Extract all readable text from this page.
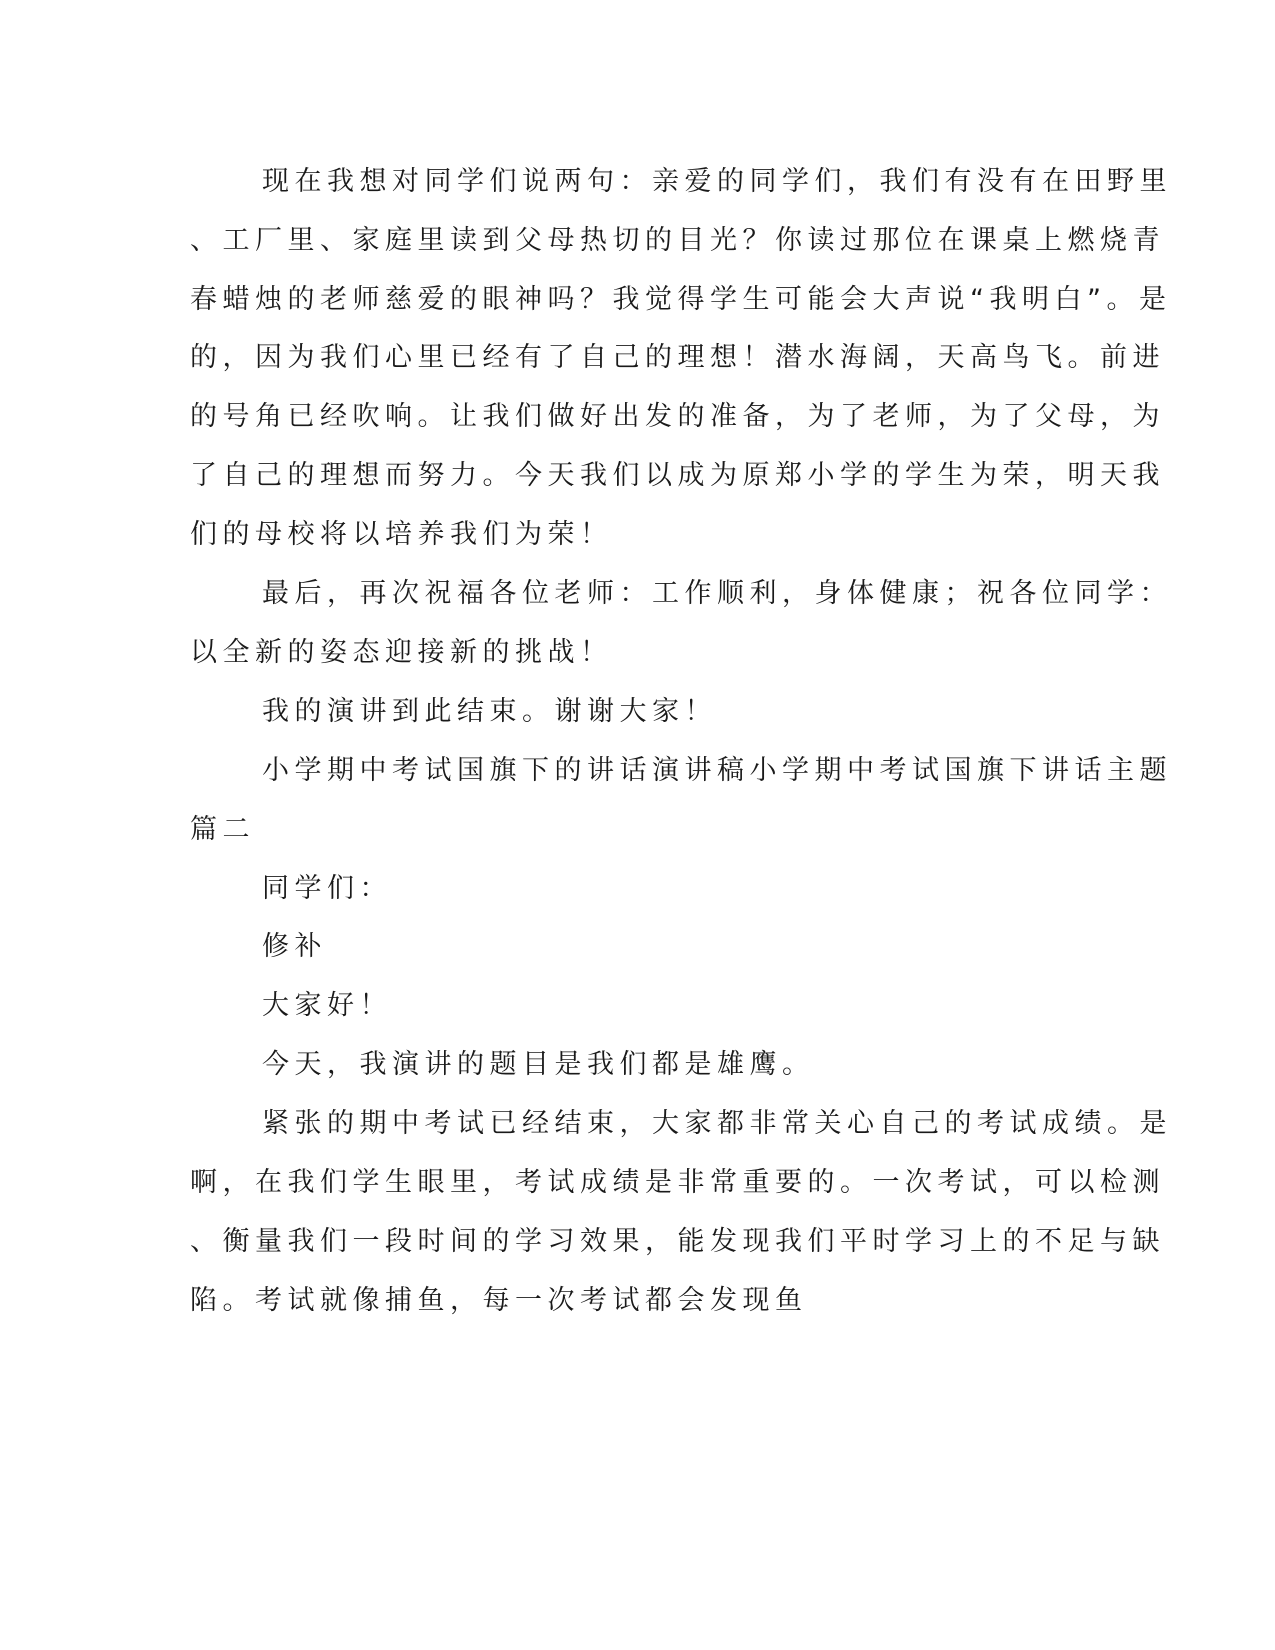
现在我想对同学们说两句：亲爱的同学们，我们有没有在田野里
、工厂里、家庭里读到父母热切的目光？你读过那位在课桌上燃烧青
春蜡烛的老师慈爱的眼神吗？我觉得学生可能会大声说“我明白”。是
的，因为我们心里已经有了自己的理想！潜水海阔，天高鸟飞。前进
的号角已经吹响。让我们做好出发的准备，为了老师，为了父母，为
了自己的理想而努力。今天我们以成为原郑小学的学生为荣，明天我
们的母校将以培养我们为荣！
最后，再次祝福各位老师：工作顺利，身体健康；祝各位同学：
以全新的姿态迎接新的挑战！
我的演讲到此结束。谢谢大家！
小学期中考试国旗下的讲话演讲稿小学期中考试国旗下讲话主题
篇二
同学们：
修补
大家好！
今天，我演讲的题目是我们都是雄鹰。
紧张的期中考试已经结束，大家都非常关心自己的考试成绩。是
啊，在我们学生眼里，考试成绩是非常重要的。一次考试，可以检测
、衡量我们一段时间的学习效果，能发现我们平时学习上的不足与缺
陷。考试就像捕鱼，每一次考试都会发现鱼
